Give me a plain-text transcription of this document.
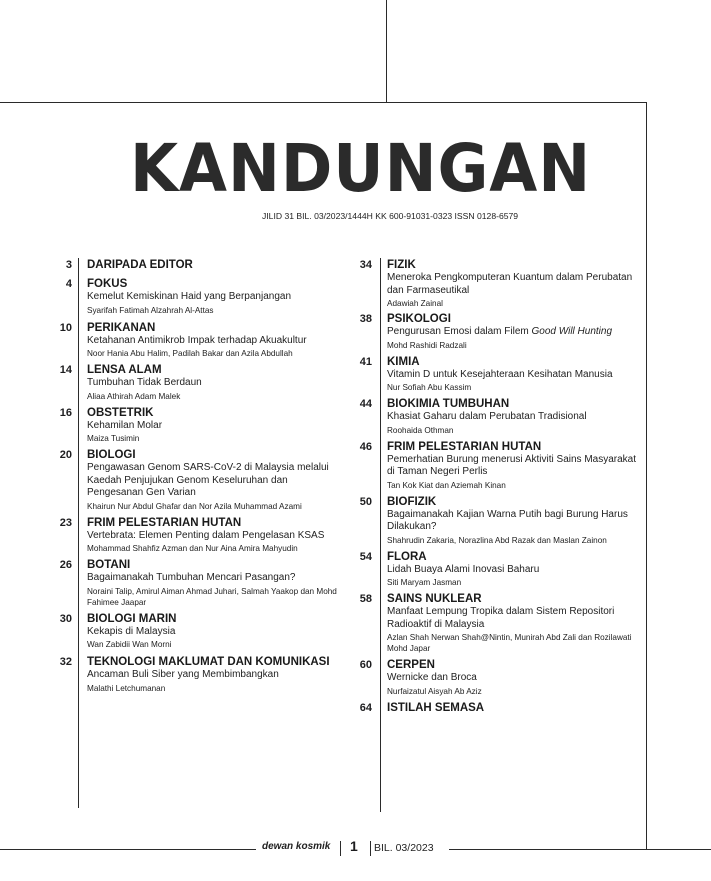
KANDUNGAN
JILID 31 BIL. 03/2023/1444H KK 600-91031-0323 ISSN 0128-6579
3 DARIPADA EDITOR
4 FOKUS
Kemelut Kemiskinan Haid yang Berpanjangan
Syarifah Fatimah Alzahrah Al-Attas
10 PERIKANAN
Ketahanan Antimikrob Impak terhadap Akuakultur
Noor Hania Abu Halim, Padilah Bakar dan Azila Abdullah
14 LENSA ALAM
Tumbuhan Tidak Berdaun
Aliaa Athirah Adam Malek
16 OBSTETRIK
Kehamilan Molar
Maiza Tusimin
20 BIOLOGI
Pengawasan Genom SARS-CoV-2 di Malaysia melalui Kaedah Penjujukan Genom Keseluruhan dan Pengesanan Gen Varian
Khairun Nur Abdul Ghafar dan Nor Azila Muhammad Azami
23 FRIM PELESTARIAN HUTAN
Vertebrata: Elemen Penting dalam Pengelasan KSAS
Mohammad Shahfiz Azman dan Nur Aina Amira Mahyudin
26 BOTANI
Bagaimanakah Tumbuhan Mencari Pasangan?
Noraini Talip, Amirul Aiman Ahmad Juhari, Salmah Yaakop dan Mohd Fahimee Jaapar
30 BIOLOGI MARIN
Kekapis di Malaysia
Wan Zabidii Wan Morni
32 TEKNOLOGI MAKLUMAT DAN KOMUNIKASI
Ancaman Buli Siber yang Membimbangkan
Malathi Letchumanan
34 FIZIK
Meneroka Pengkomputeran Kuantum dalam Perubatan dan Farmaseutikal
Adawiah Zainal
38 PSIKOLOGI
Pengurusan Emosi dalam Filem Good Will Hunting
Mohd Rashidi Radzali
41 KIMIA
Vitamin D untuk Kesejahteraan Kesihatan Manusia
Nur Sofiah Abu Kassim
44 BIOKIMIA TUMBUHAN
Khasiat Gaharu dalam Perubatan Tradisional
Roohaida Othman
46 FRIM PELESTARIAN HUTAN
Pemerhatian Burung menerusi Aktiviti Sains Masyarakat di Taman Negeri Perlis
Tan Kok Kiat dan Aziemah Kinan
50 BIOFIZIK
Bagaimanakah Kajian Warna Putih bagi Burung Harus Dilakukan?
Shahrudin Zakaria, Norazlina Abd Razak dan Maslan Zainon
54 FLORA
Lidah Buaya Alami Inovasi Baharu
Siti Maryam Jasman
58 SAINS NUKLEAR
Manfaat Lempung Tropika dalam Sistem Repositori Radioaktif di Malaysia
Azlan Shah Nerwan Shah@Nintin, Munirah Abd Zali dan Rozilawati Mohd Japar
60 CERPEN
Wernicke dan Broca
Nurfaizatul Aisyah Ab Aziz
64 ISTILAH SEMASA
dewan kosmik 1 BIL. 03/2023
